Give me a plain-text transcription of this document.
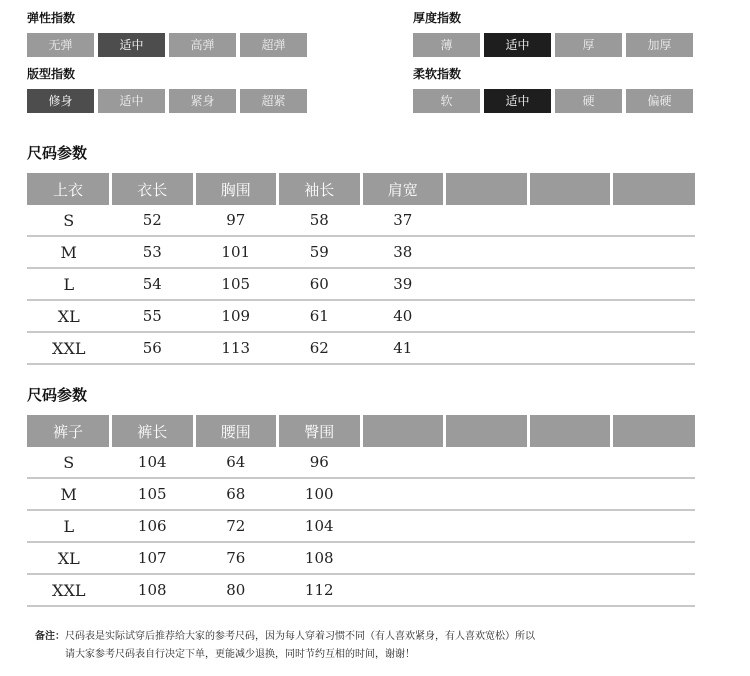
弹性指数
无弹	适中	高弹	超弹
厚度指数
薄	适中	厚	加厚
版型指数
修身	适中	紧身	超紧
柔软指数
软	适中	硬	偏硬
尺码参数
上衣	衣长	胸围	袖长	肩宽			
S	52	97	58	37			
M	53	101	59	38			
L	54	105	60	39			
XL	55	109	61	40			
XXL	56	113	62	41			
尺码参数
裤子	裤长	腰围	臀围				
S	104	64	96				
M	105	68	100				
L	106	72	104				
XL	107	76	108				
XXL	108	80	112				
备注：尺码表是实际试穿后推荐给大家的参考尺码，因为每人穿着习惯不同（有人喜欢紧身，有人喜欢宽松）所以
请大家参考尺码表自行决定下单，更能减少退换，同时节约互相的时间，谢谢！
